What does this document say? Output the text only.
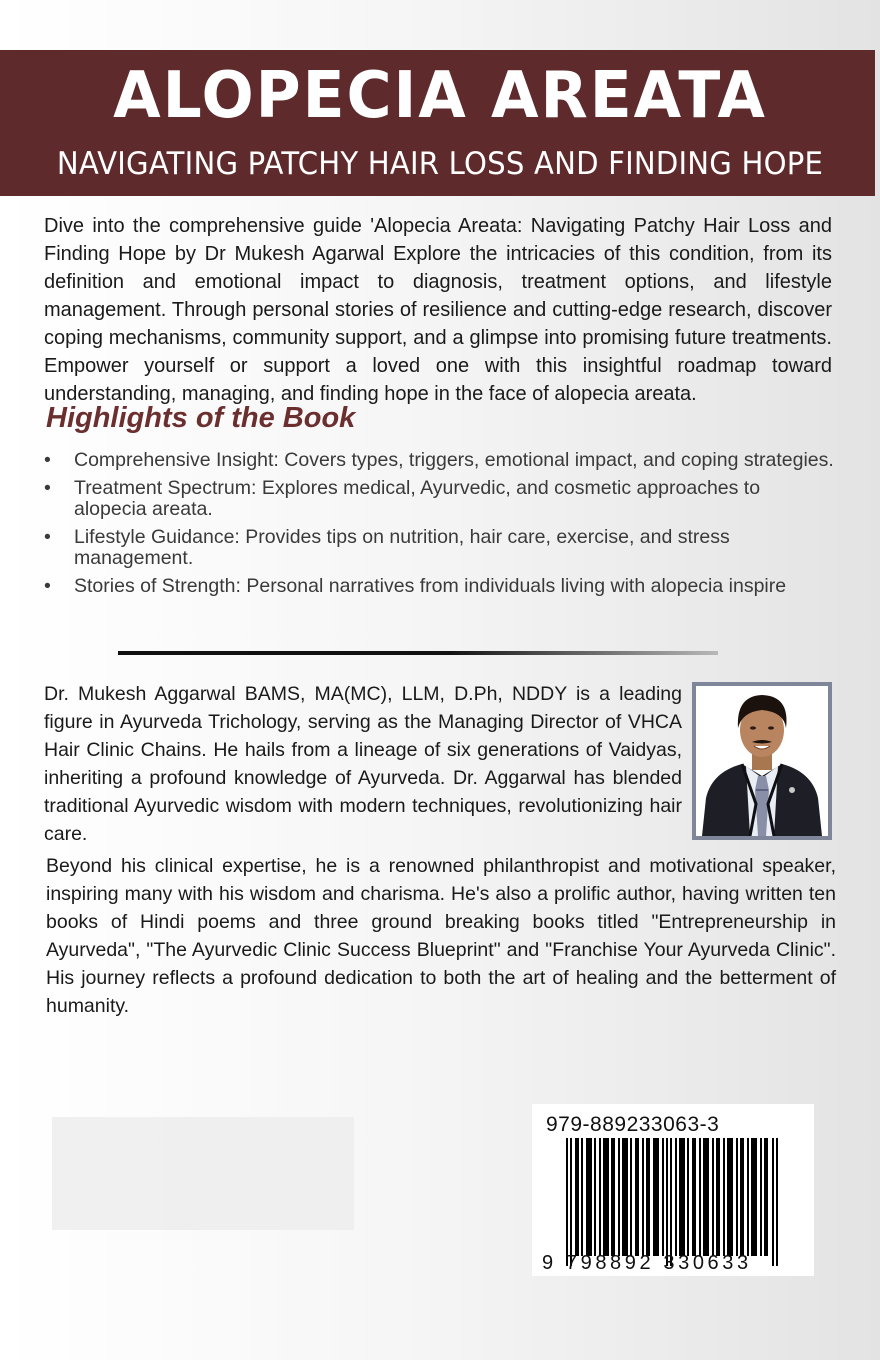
ALOPECIA AREATA
NAVIGATING PATCHY HAIR LOSS AND FINDING HOPE

Dive into the comprehensive guide 'Alopecia Areata: Navigating Patchy Hair Loss and Finding Hope by Dr Mukesh Agarwal Explore the intricacies of this condition, from its definition and emotional impact to diagnosis, treatment options, and lifestyle management. Through personal stories of resilience and cutting-edge research, discover coping mechanisms, community support, and a glimpse into promising future treatments. Empower yourself or support a loved one with this insightful roadmap toward understanding, managing, and finding hope in the face of alopecia areata.

Highlights of the Book
• Comprehensive Insight: Covers types, triggers, emotional impact, and coping strategies.
• Treatment Spectrum: Explores medical, Ayurvedic, and cosmetic approaches to alopecia areata.
• Lifestyle Guidance: Provides tips on nutrition, hair care, exercise, and stress management.
• Stories of Strength: Personal narratives from individuals living with alopecia inspire

Dr. Mukesh Aggarwal BAMS, MA(MC), LLM, D.Ph, NDDY is a leading figure in Ayurveda Trichology, serving as the Managing Director of VHCA Hair Clinic Chains. He hails from a lineage of six generations of Vaidyas, inheriting a profound knowledge of Ayurveda. Dr. Aggarwal has blended traditional Ayurvedic wisdom with modern techniques, revolutionizing hair care.

Beyond his clinical expertise, he is a renowned philanthropist and motivational speaker, inspiring many with his wisdom and charisma. He's also a prolific author, having written ten books of Hindi poems and three ground breaking books titled "Entrepreneurship in Ayurveda", "The Ayurvedic Clinic Success Blueprint" and "Franchise Your Ayurveda Clinic". His journey reflects a profound dedication to both the art of healing and the betterment of humanity.

979-889233063-3
9 798892 330633
